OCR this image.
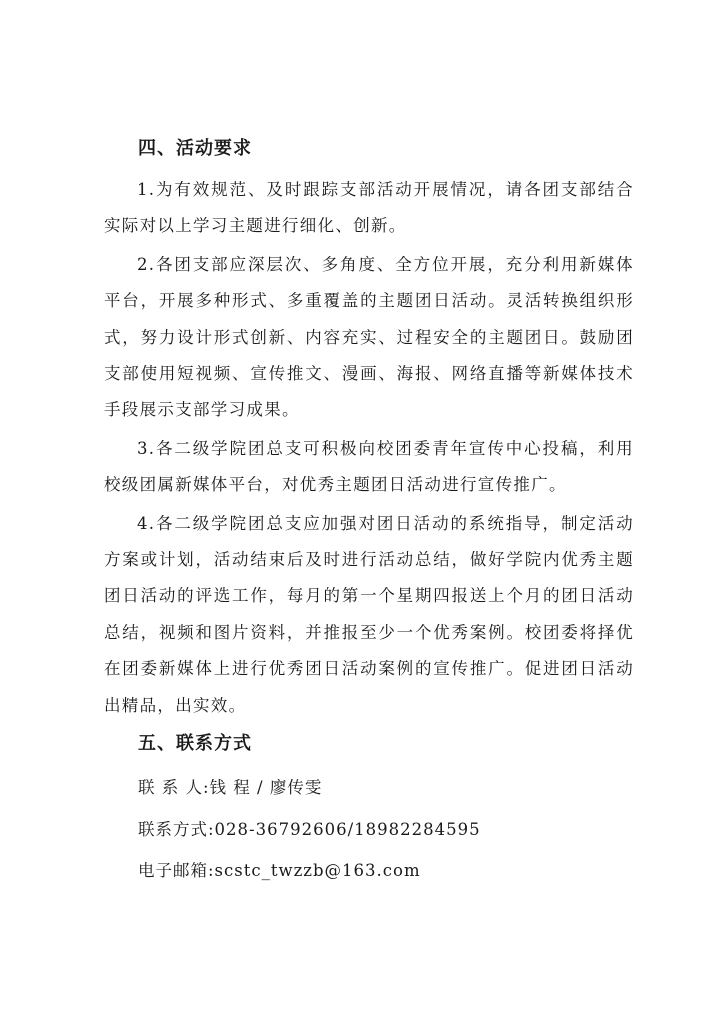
四、活动要求

1.为有效规范、及时跟踪支部活动开展情况，请各团支部结合实际对以上学习主题进行细化、创新。

2.各团支部应深层次、多角度、全方位开展，充分利用新媒体平台，开展多种形式、多重覆盖的主题团日活动。灵活转换组织形式，努力设计形式创新、内容充实、过程安全的主题团日。鼓励团支部使用短视频、宣传推文、漫画、海报、网络直播等新媒体技术手段展示支部学习成果。

3.各二级学院团总支可积极向校团委青年宣传中心投稿，利用校级团属新媒体平台，对优秀主题团日活动进行宣传推广。

4.各二级学院团总支应加强对团日活动的系统指导，制定活动方案或计划，活动结束后及时进行活动总结，做好学院内优秀主题团日活动的评选工作，每月的第一个星期四报送上个月的团日活动总结，视频和图片资料，并推报至少一个优秀案例。校团委将择优在团委新媒体上进行优秀团日活动案例的宣传推广。促进团日活动出精品，出实效。

五、联系方式

联 系 人:钱 程 / 廖传雯

联系方式:028-36792606/18982284595

电子邮箱:scstc_twzzb@163.com
